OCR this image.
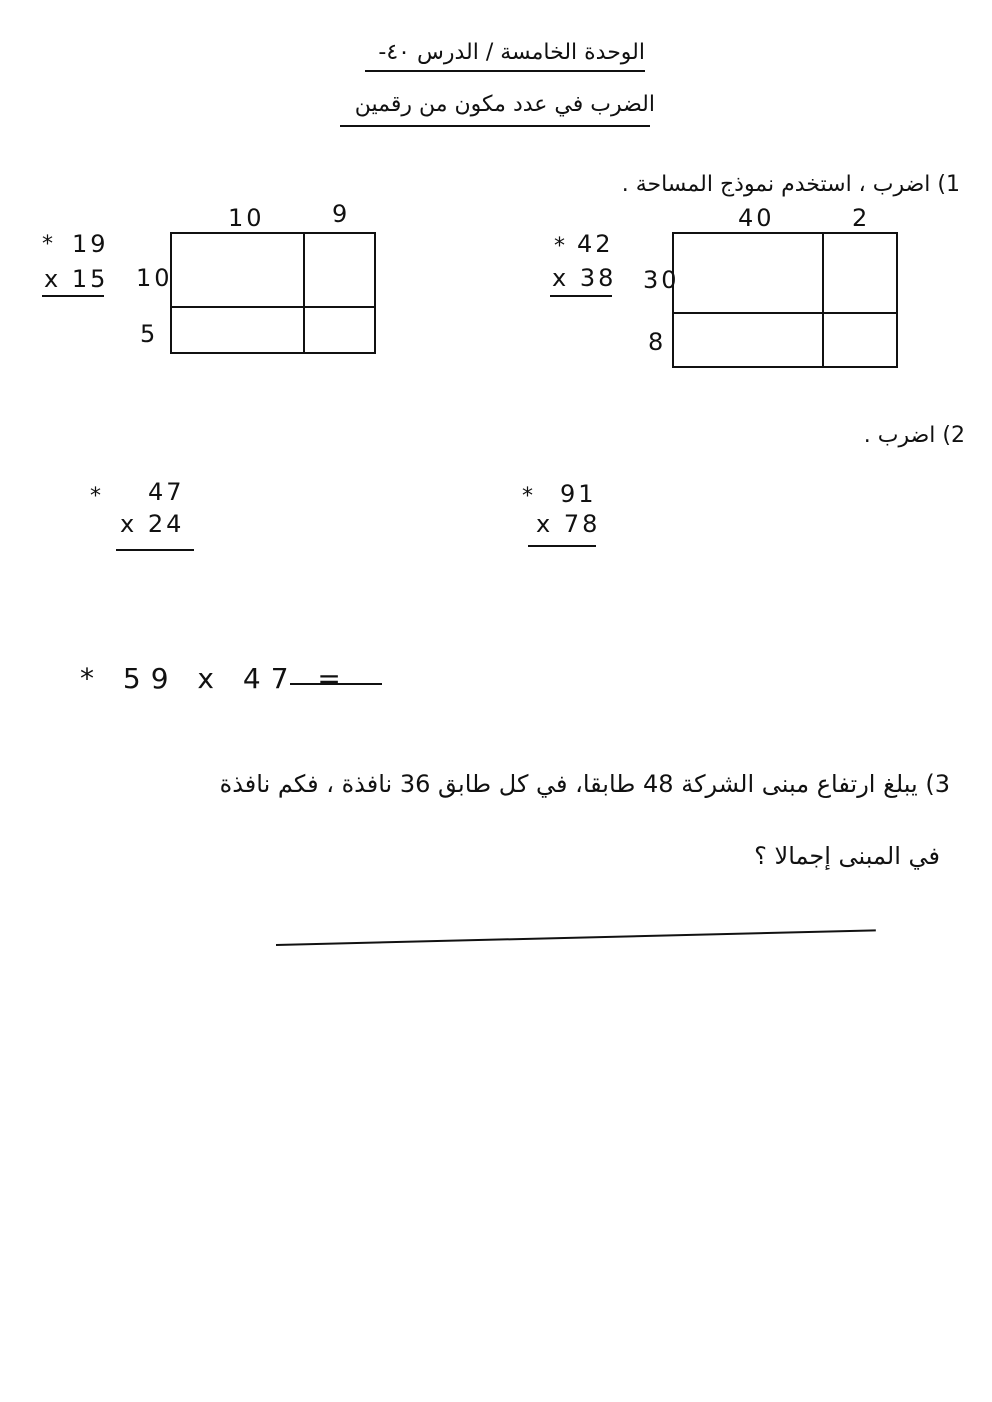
الوحدة الخامسة / الدرس ٤٠-
الضرب في عدد مكون من رقمين
1) اضرب ، استخدم نموذج المساحة .
* 19
x 15
10	9
10
5
* 42
x 38
40	2
30
8
2) اضرب .
* 47
x 24
* 91
x 78
* 59 x 47 =
3) يبلغ ارتفاع مبنى الشركة 48 طابقا، في كل طابق 36 نافذة ، فكم نافذة
في المبنى إجمالا ؟
